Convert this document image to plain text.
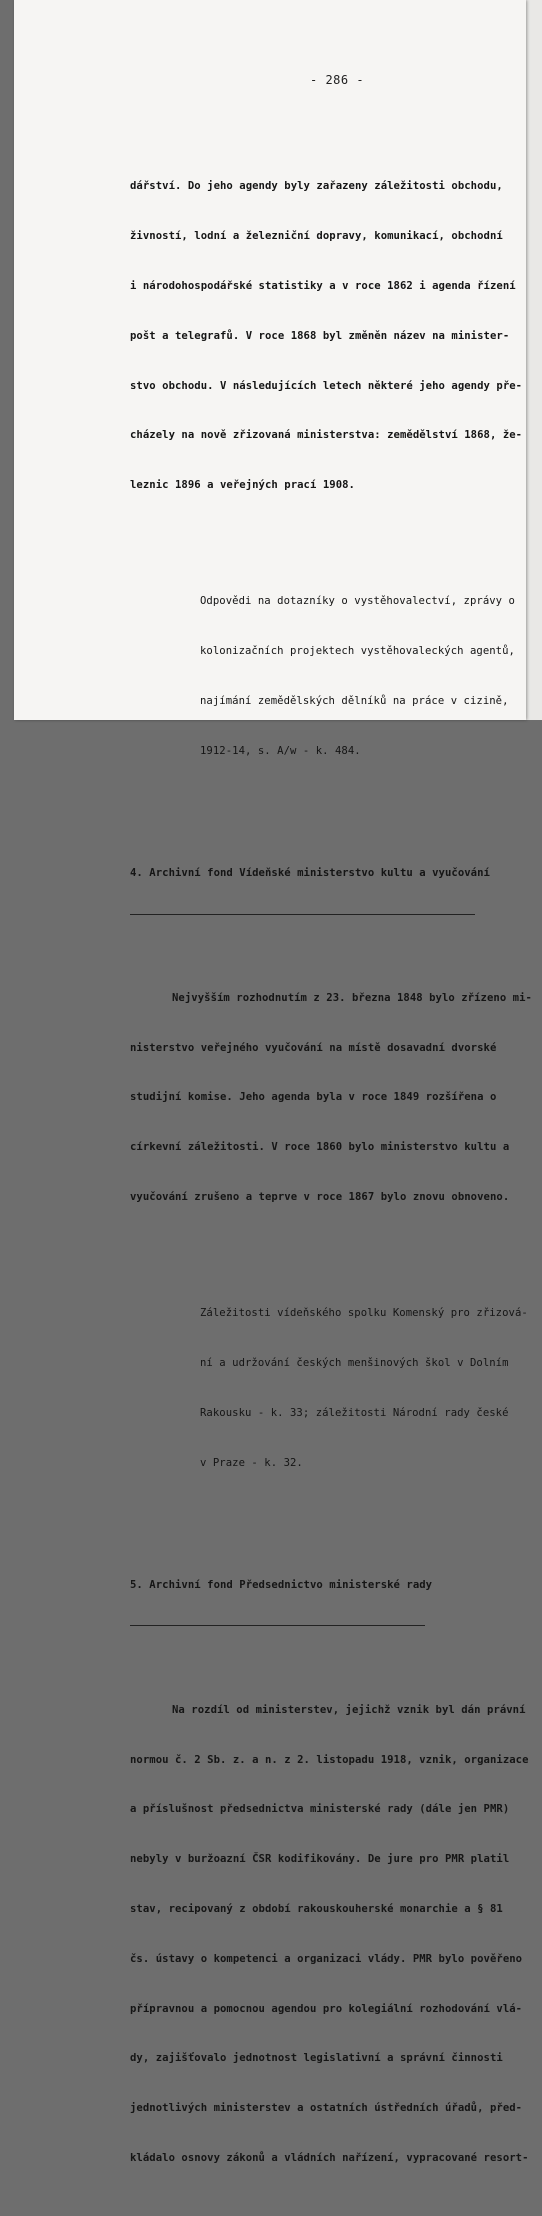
- 286 -

dářství. Do jeho agendy byly zařazeny záležitosti obchodu,

živností, lodní a železniční dopravy, komunikací, obchodní

i národohospodářské statistiky a v roce 1862 i agenda řízení

pošt a telegrafů. V roce 1868 byl změněn název na minister-

stvo obchodu. V následujících letech některé jeho agendy pře-

cházely na nově zřizovaná ministerstva: zemědělství 1868, že-

leznic 1896 a veřejných prací 1908.

Odpovědi na dotazníky o vystěhovalectví, zprávy o

kolonizačních projektech vystěhovaleckých agentů,

najímání zemědělských dělníků na práce v cizině,

1912-14, s. A/w - k. 484.

4. Archivní fond Vídeňské ministerstvo kultu a vyučování

Nejvyšším rozhodnutím z 23. března 1848 bylo zřízeno mi-

nisterstvo veřejného vyučování na místě dosavadní dvorské

studijní komise. Jeho agenda byla v roce 1849 rozšířena o

církevní záležitosti. V roce 1860 bylo ministerstvo kultu a

vyučování zrušeno a teprve v roce 1867 bylo znovu obnoveno.

Záležitosti vídeňského spolku Komenský pro zřizová-

ní a udržování českých menšinových škol v Dolním

Rakousku - k. 33; záležitosti Národní rady české

v Praze - k. 32.

5. Archivní fond Předsednictvo ministerské rady

Na rozdíl od ministerstev, jejichž vznik byl dán právní

normou č. 2 Sb. z. a n. z 2. listopadu 1918, vznik, organizace

a příslušnost předsednictva ministerské rady (dále jen PMR)

nebyly v buržoazní ČSR kodifikovány. De jure pro PMR platil

stav, recipovaný z období rakouskouherské monarchie a § 81

čs. ústavy o kompetenci a organizaci vlády. PMR bylo pověřeno

přípravnou a pomocnou agendou pro kolegiální rozhodování vlá-

dy, zajišťovalo jednotnost legislativní a správní činnosti

jednotlivých ministerstev a ostatních ústředních úřadů, před-

kládalo osnovy zákonů a vládních nařízení, vypracované resort-
